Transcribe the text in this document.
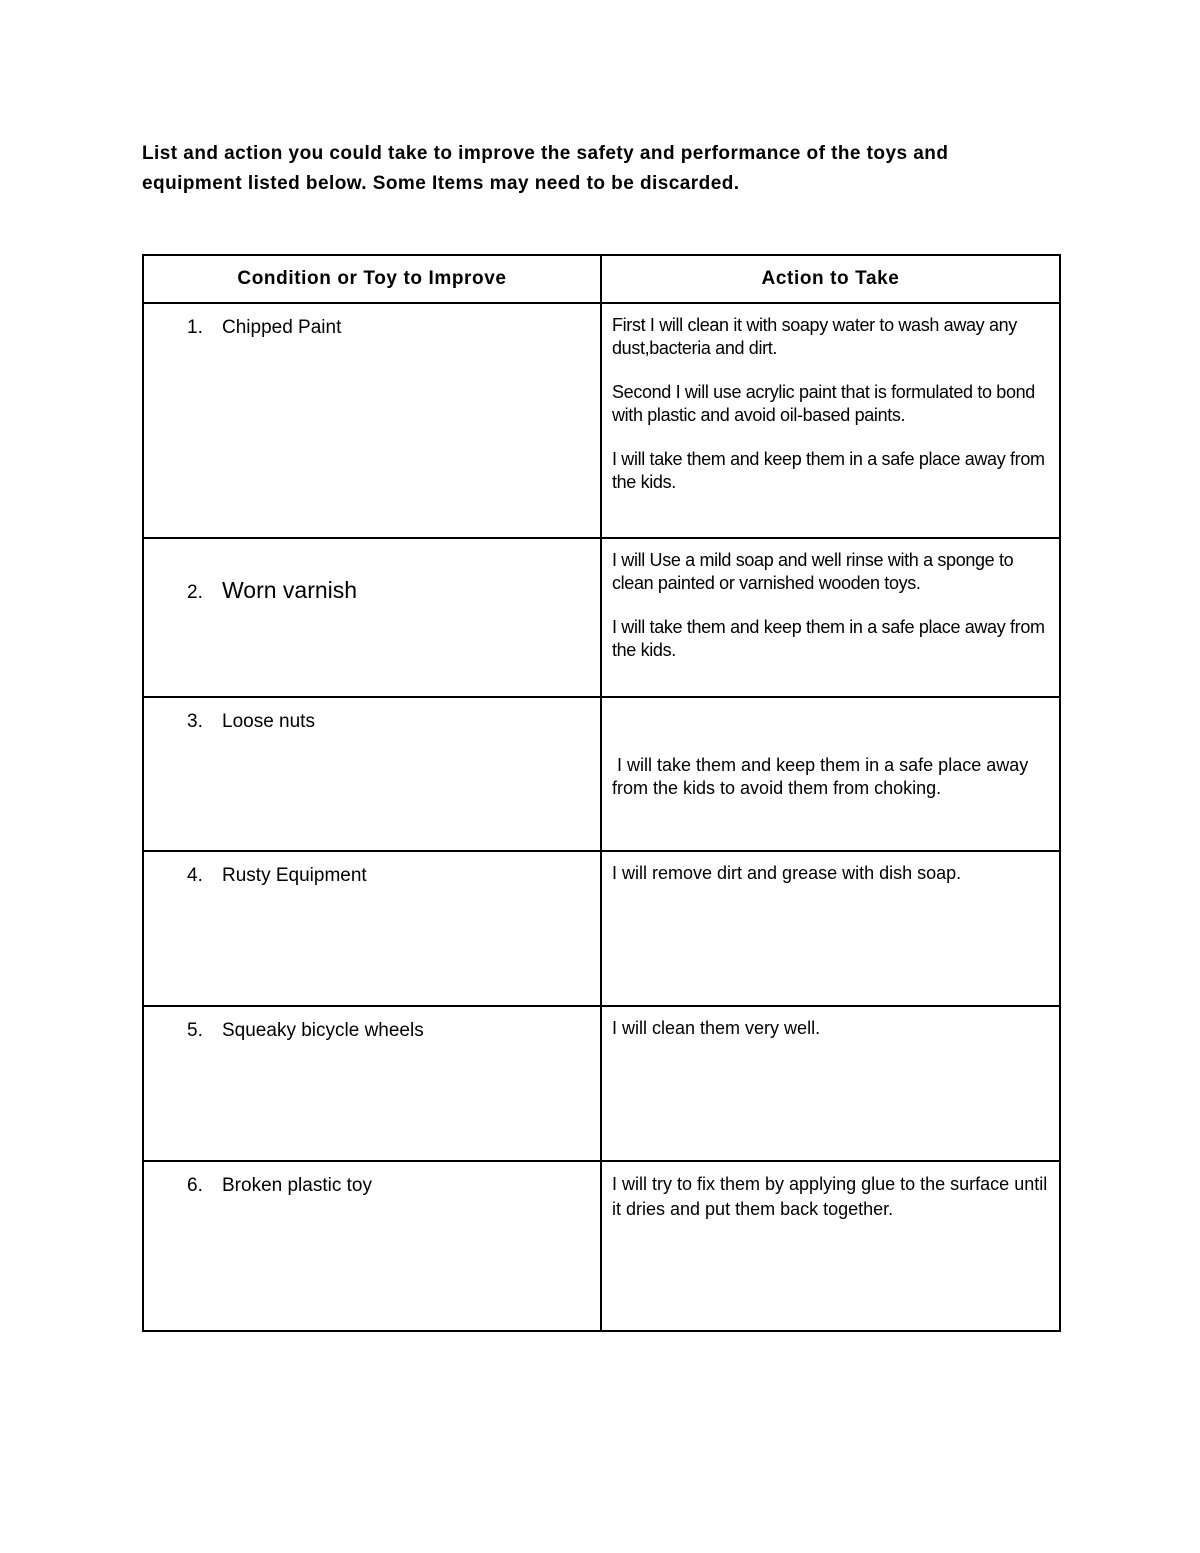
List and action you could take to improve the safety and performance of the toys and equipment listed below. Some Items may need to be discarded.

Condition or Toy to Improve	Action to Take

1. Chipped Paint	First I will clean it with soapy water to wash away any dust,bacteria and dirt.

Second I will use acrylic paint that is formulated to bond with plastic and avoid oil-based paints.

I will take them and keep them in a safe place away from the kids.

2. Worn varnish	I will Use a mild soap and well rinse with a sponge to clean painted or varnished wooden toys.

I will take them and keep them in a safe place away from the kids.

3. Loose nuts	I will take them and keep them in a safe place away from the kids to avoid them from choking.

4. Rusty Equipment	I will remove dirt and grease with dish soap.

5. Squeaky bicycle wheels	I will clean them very well.

6. Broken plastic toy	I will try to fix them by applying glue to the surface until it dries and put them back together.
